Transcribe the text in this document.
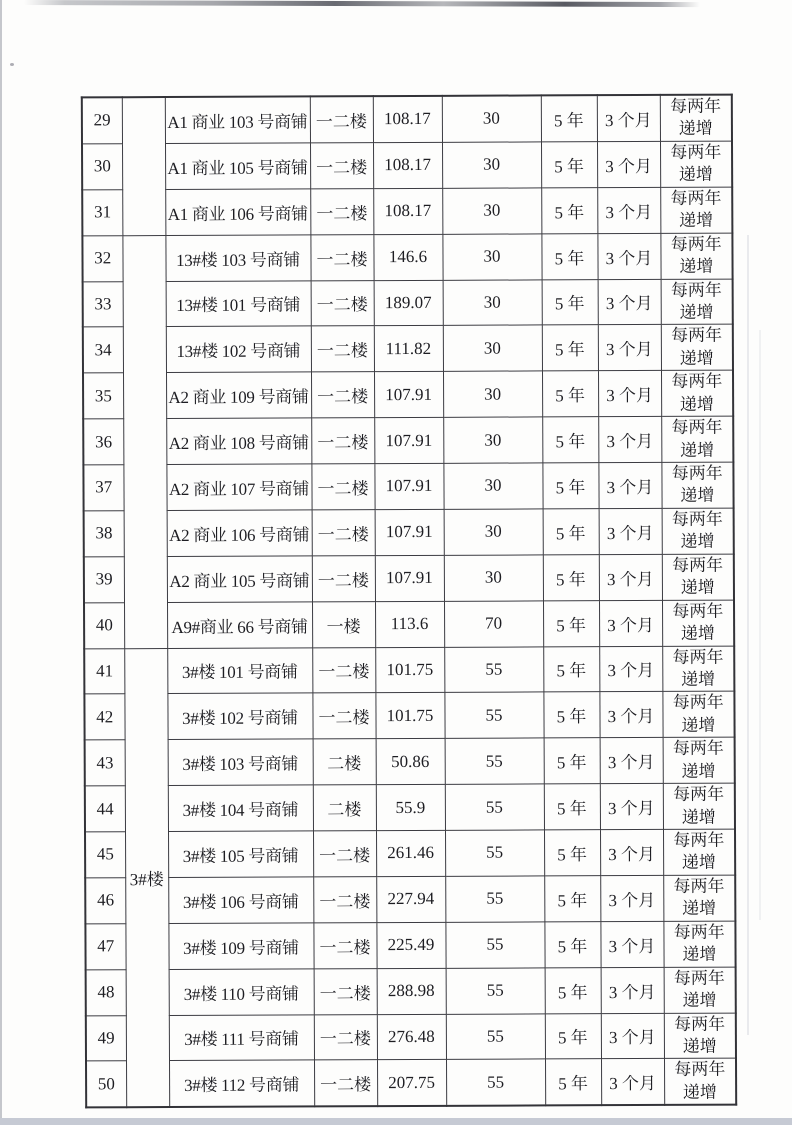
29		A1 商业 103 号商铺	一二楼	108.17	30	5 年	3 个月	每两年
递增
30		A1 商业 105 号商铺	一二楼	108.17	30	5 年	3 个月	每两年
递增
31		A1 商业 106 号商铺	一二楼	108.17	30	5 年	3 个月	每两年
递增
32		13#楼 103 号商铺	一二楼	146.6	30	5 年	3 个月	每两年
递增
33		13#楼 101 号商铺	一二楼	189.07	30	5 年	3 个月	每两年
递增
34		13#楼 102 号商铺	一二楼	111.82	30	5 年	3 个月	每两年
递增
35		A2 商业 109 号商铺	一二楼	107.91	30	5 年	3 个月	每两年
递增
36		A2 商业 108 号商铺	一二楼	107.91	30	5 年	3 个月	每两年
递增
37		A2 商业 107 号商铺	一二楼	107.91	30	5 年	3 个月	每两年
递增
38		A2 商业 106 号商铺	一二楼	107.91	30	5 年	3 个月	每两年
递增
39		A2 商业 105 号商铺	一二楼	107.91	30	5 年	3 个月	每两年
递增
40		A9#商业 66 号商铺	一楼	113.6	70	5 年	3 个月	每两年
递增
41	3#楼	3#楼 101 号商铺	一二楼	101.75	55	5 年	3 个月	每两年
递增
42		3#楼 102 号商铺	一二楼	101.75	55	5 年	3 个月	每两年
递增
43		3#楼 103 号商铺	二楼	50.86	55	5 年	3 个月	每两年
递增
44		3#楼 104 号商铺	二楼	55.9	55	5 年	3 个月	每两年
递增
45		3#楼 105 号商铺	一二楼	261.46	55	5 年	3 个月	每两年
递增
46		3#楼 106 号商铺	一二楼	227.94	55	5 年	3 个月	每两年
递增
47		3#楼 109 号商铺	一二楼	225.49	55	5 年	3 个月	每两年
递增
48		3#楼 110 号商铺	一二楼	288.98	55	5 年	3 个月	每两年
递增
49		3#楼 111 号商铺	一二楼	276.48	55	5 年	3 个月	每两年
递增
50		3#楼 112 号商铺	一二楼	207.75	55	5 年	3 个月	每两年
递增
